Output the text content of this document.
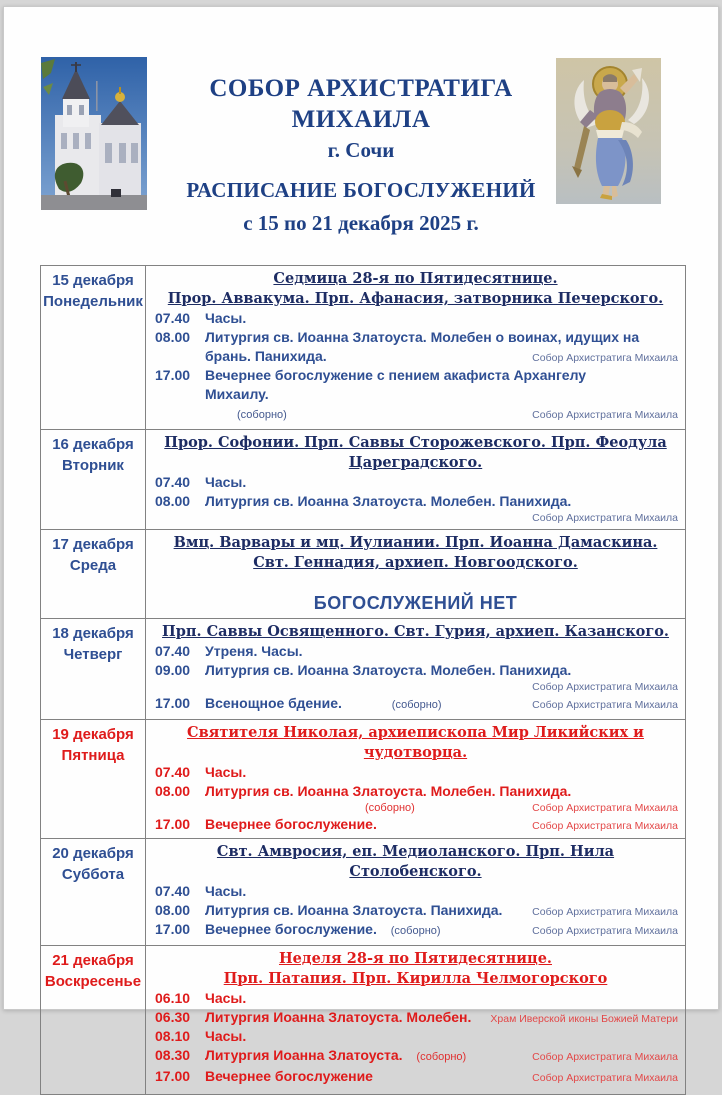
СОБОР АРХИСТРАТИГА
МИХАИЛА
г. Сочи
РАСПИСАНИЕ БОГОСЛУЖЕНИЙ
с 15 по 21 декабря 2025 г.
15 декабря
Понедельник
Седмица 28-я по Пятидесятнице.
Прор. Аввакума. Прп. Афанасия, затворника Печерского.
07.40 Часы.
08.00 Литургия св. Иоанна Златоуста. Молебен о воинах, идущих на брань. Панихида.	Собор Архистратига Михаила
17.00 Вечернее богослужение с пением акафиста Архангелу Михаилу. (соборно)	Собор Архистратига Михаила
16 декабря
Вторник
Прор. Софонии. Прп. Саввы Сторожевского. Прп. Феодула Цареградского.
07.40 Часы.
08.00 Литургия св. Иоанна Златоуста. Молебен. Панихида.
Собор Архистратига Михаила
17 декабря
Среда
Вмц. Варвары и мц. Иулиании. Прп. Иоанна Дамаскина.
Свт. Геннадия, архиеп. Новгоодского.
БОГОСЛУЖЕНИЙ НЕТ
18 декабря
Четверг
Прп. Саввы Освященного. Свт. Гурия, архиеп. Казанского.
07.40 Утреня. Часы.
09.00 Литургия св. Иоанна Златоуста. Молебен. Панихида.
Собор Архистратига Михаила
17.00 Всенощное бдение.	(соборно)	Собор Архистратига Михаила
19 декабря
Пятница
Святителя Николая, архиепископа Мир Ликийских и чудотворца.
07.40 Часы.
08.00 Литургия св. Иоанна Златоуста. Молебен. Панихида.
(соборно)	Собор Архистратига Михаила
17.00 Вечернее богослужение.	Собор Архистратига Михаила
20 декабря
Суббота
Свт. Амвросия, еп. Медиоланского. Прп. Нила Столобенского.
07.40 Часы.
08.00 Литургия св. Иоанна Златоуста. Панихида.	Собор Архистратига Михаила
17.00 Вечернее богослужение. (соборно)	Собор Архистратига Михаила
21 декабря
Воскресенье
Неделя 28-я по Пятидесятнице.
Прп. Патапия. Прп. Кирилла Челмогорского
06.10 Часы.
06.30 Литургия Иоанна Златоуста. Молебен. Храм Иверской иконы Божией Матери
08.10 Часы.
08.30 Литургия Иоанна Златоуста. (соборно)	Собор Архистратига Михаила
17.00 Вечернее богослужение	Собор Архистратига Михаила
